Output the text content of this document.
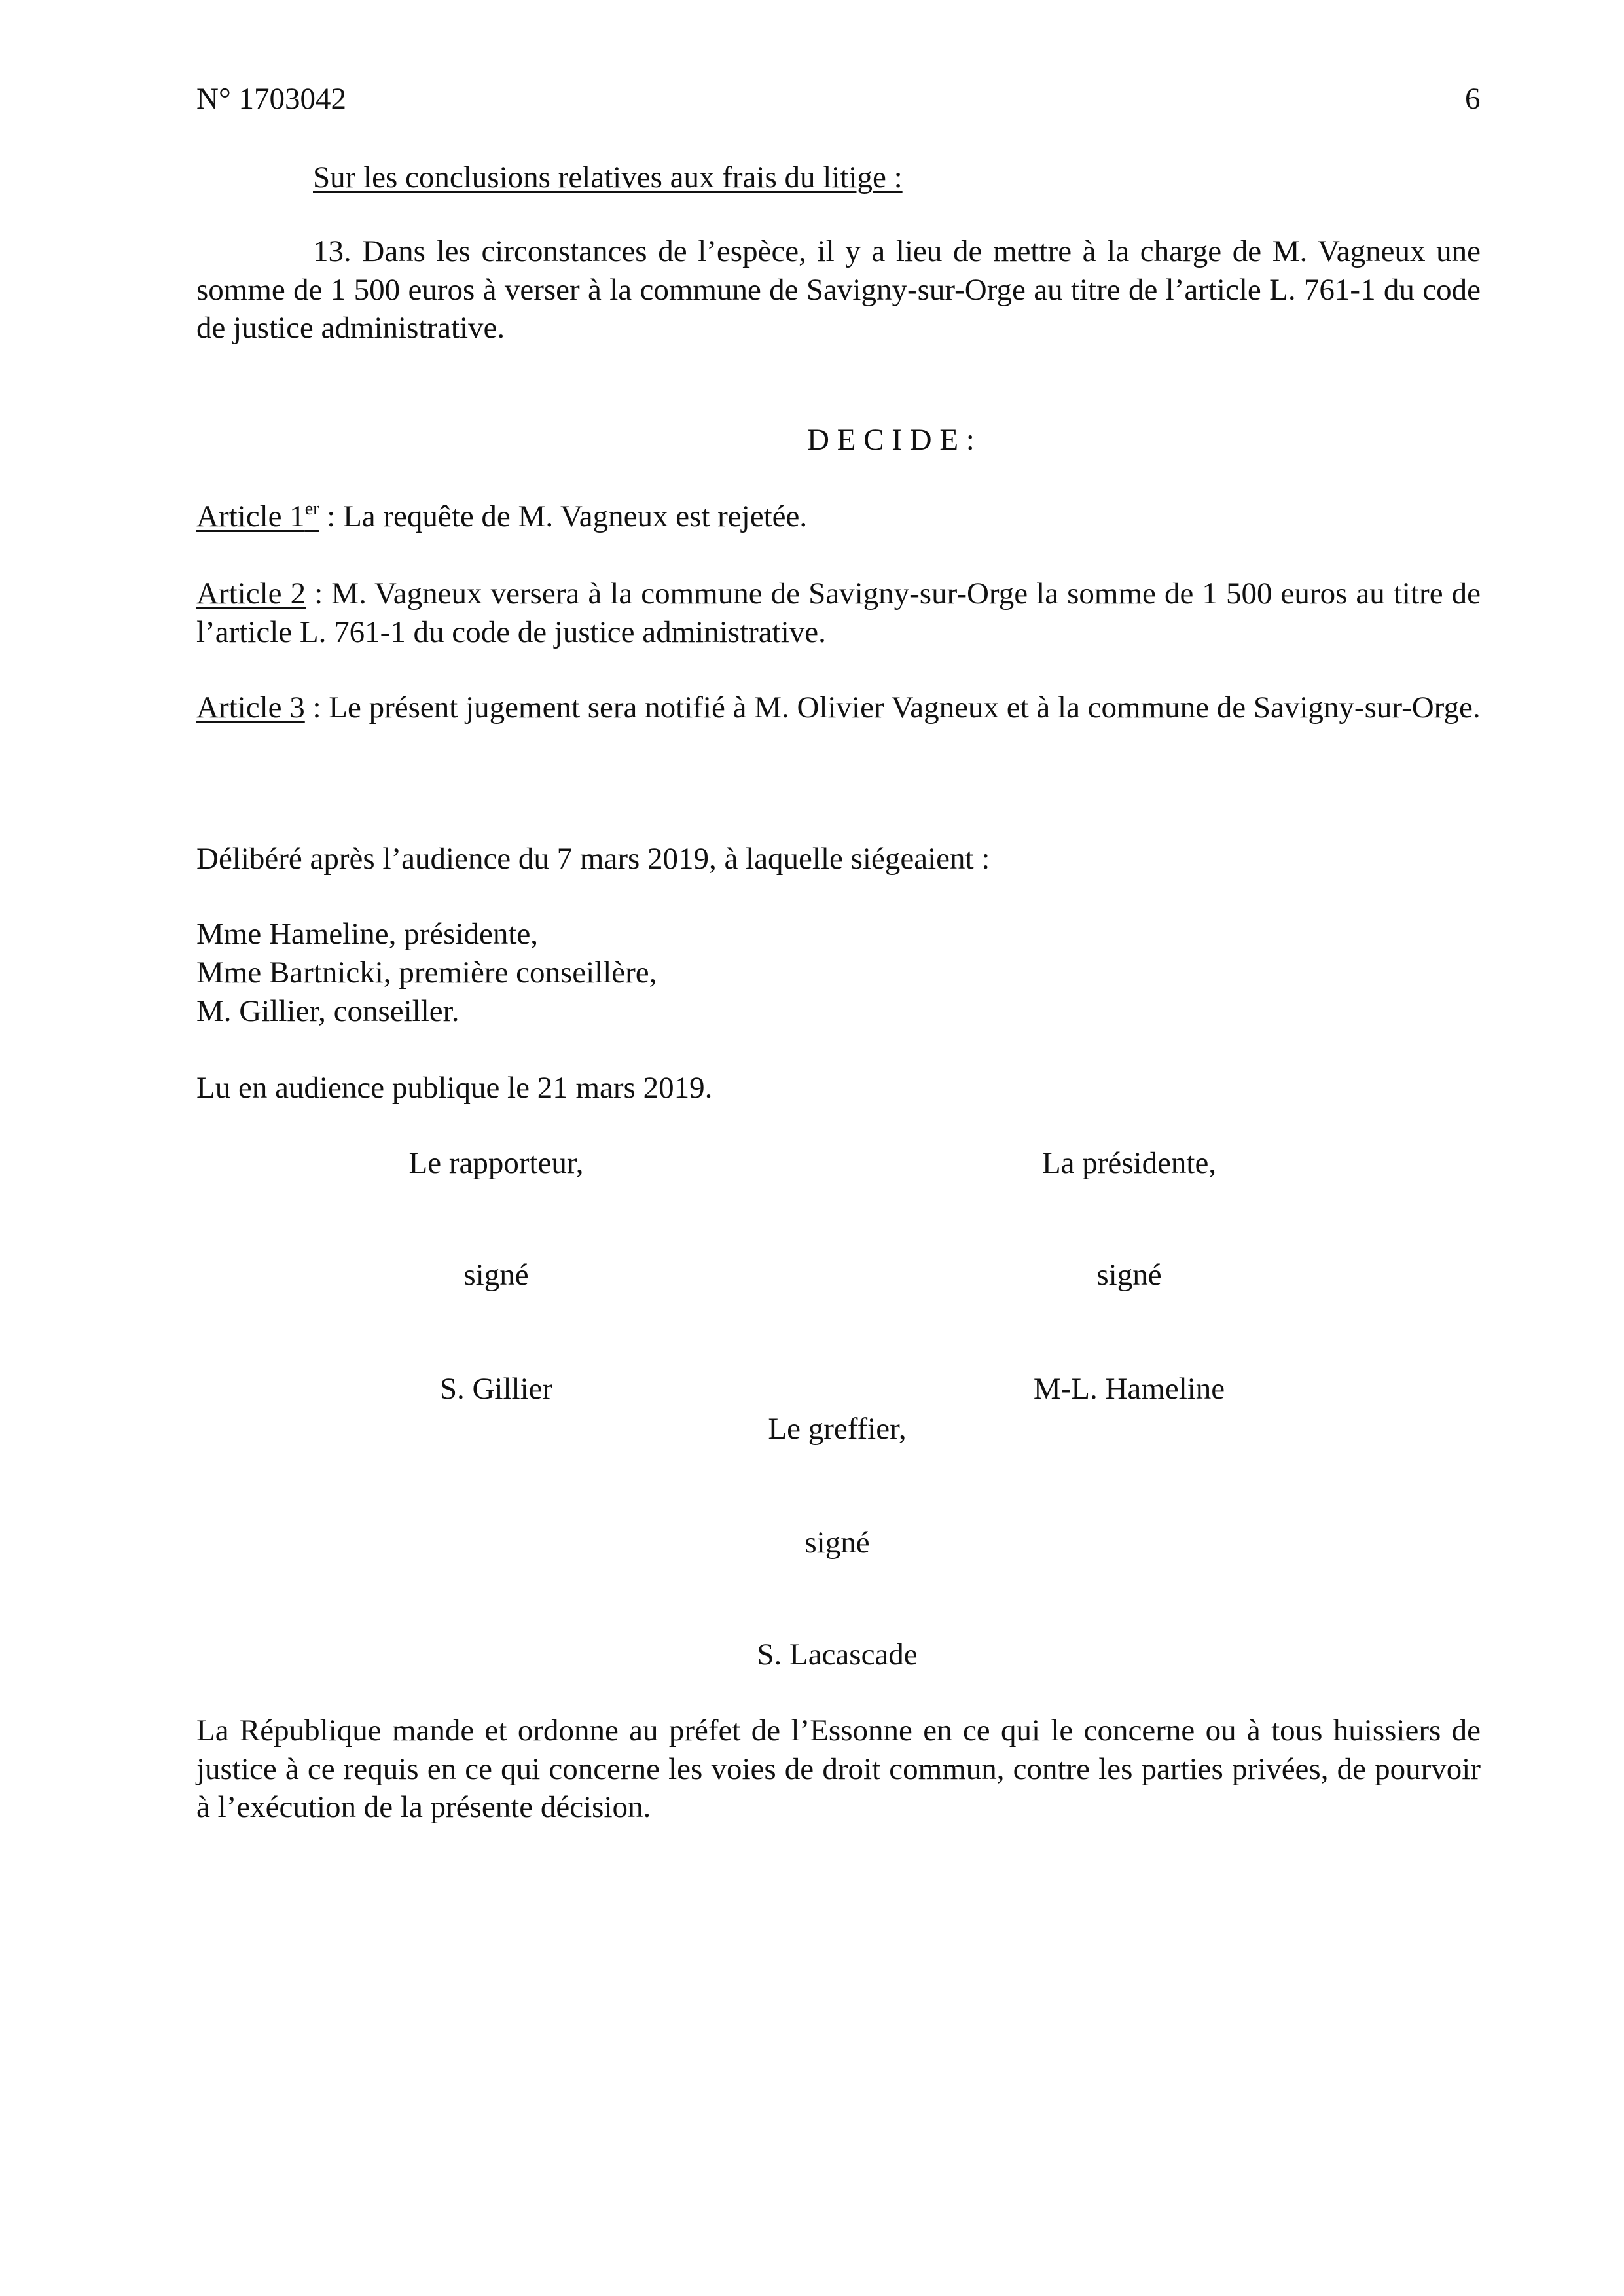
N° 1703042	6
Sur les conclusions relatives aux frais du litige :
13. Dans les circonstances de l’espèce, il y a lieu de mettre à la charge de M. Vagneux une somme de 1 500 euros à verser à la commune de Savigny-sur-Orge au titre de l’article L. 761-1 du code de justice administrative.
D E C I D E :
Article 1er : La requête de M. Vagneux est rejetée.
Article 2 : M. Vagneux versera à la commune de Savigny-sur-Orge la somme de 1 500 euros au titre de l’article L. 761-1 du code de justice administrative.
Article 3 : Le présent jugement sera notifié à M. Olivier Vagneux et à la commune de Savigny-sur-Orge.
Délibéré après l’audience du 7 mars 2019, à laquelle siégeaient :
Mme Hameline, présidente,
Mme Bartnicki, première conseillère,
M. Gillier, conseiller.
Lu en audience publique le 21 mars 2019.
Le rapporteur,
signé
S. Gillier
La présidente,
signé
M-L. Hameline
Le greffier,
signé
S. Lacascade
La République mande et ordonne au préfet de l’Essonne en ce qui le concerne ou à tous huissiers de justice à ce requis en ce qui concerne les voies de droit commun, contre les parties privées, de pourvoir à l’exécution de la présente décision.
